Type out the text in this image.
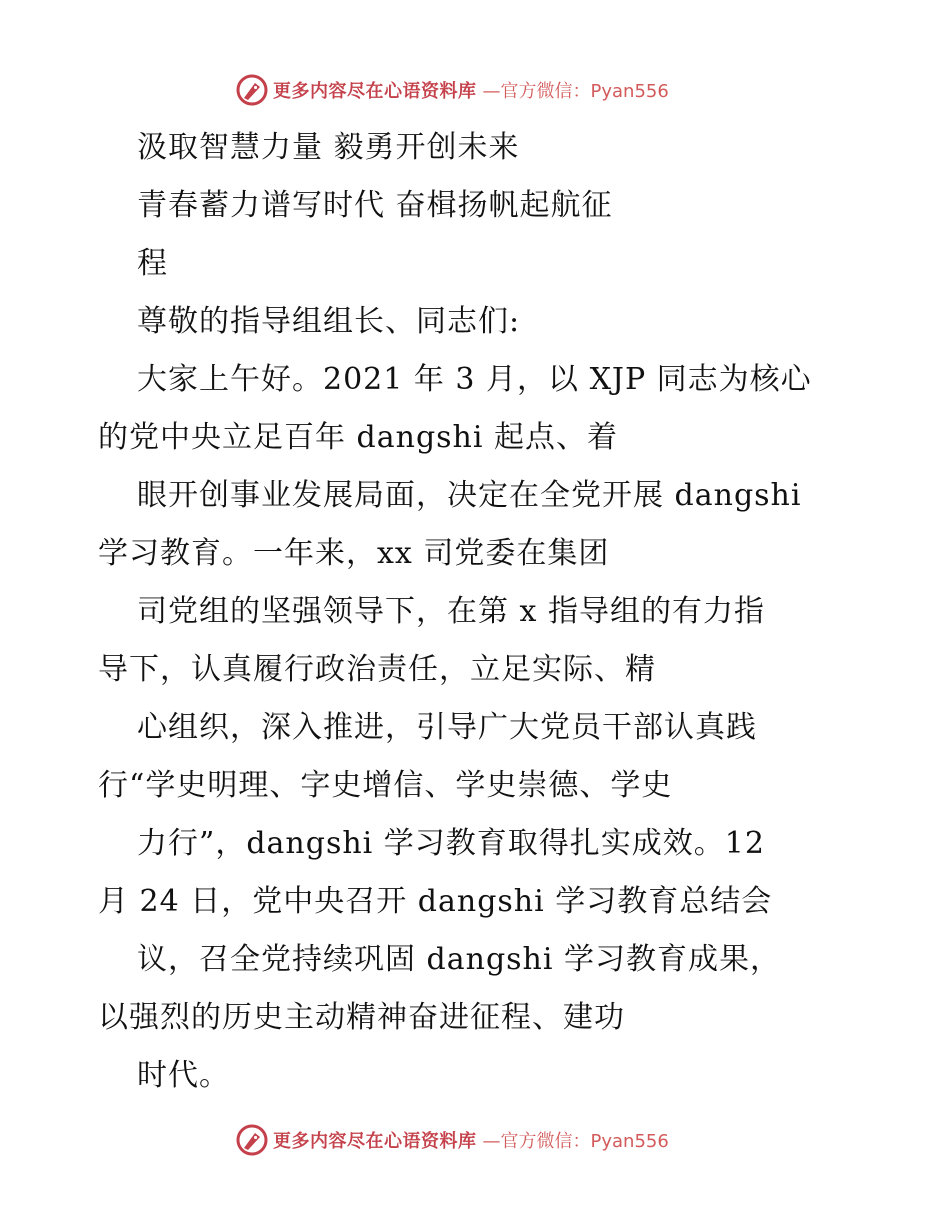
更多内容尽在心语资料库 —官方微信：Pyan556
汲取智慧力量 毅勇开创未来
青春蓄力谱写时代 奋楫扬帆起航征
程
尊敬的指导组组长、同志们:
大家上午好。2021 年 3 月，以 XJP 同志为核心
的党中央立足百年 dangshi 起点、着
眼开创事业发展局面，决定在全党开展 dangshi
学习教育。一年来，xx 司党委在集团
司党组的坚强领导下，在第 x 指导组的有力指
导下，认真履行政治责任，立足实际、精
心组织，深入推进，引导广大党员干部认真践
行“学史明理、字史增信、学史崇德、学史
力行”，dangshi 学习教育取得扎实成效。12
月 24 日，党中央召开 dangshi 学习教育总结会
议，召全党持续巩固 dangshi 学习教育成果，
以强烈的历史主动精神奋进征程、建功
时代。
更多内容尽在心语资料库 —官方微信：Pyan556
